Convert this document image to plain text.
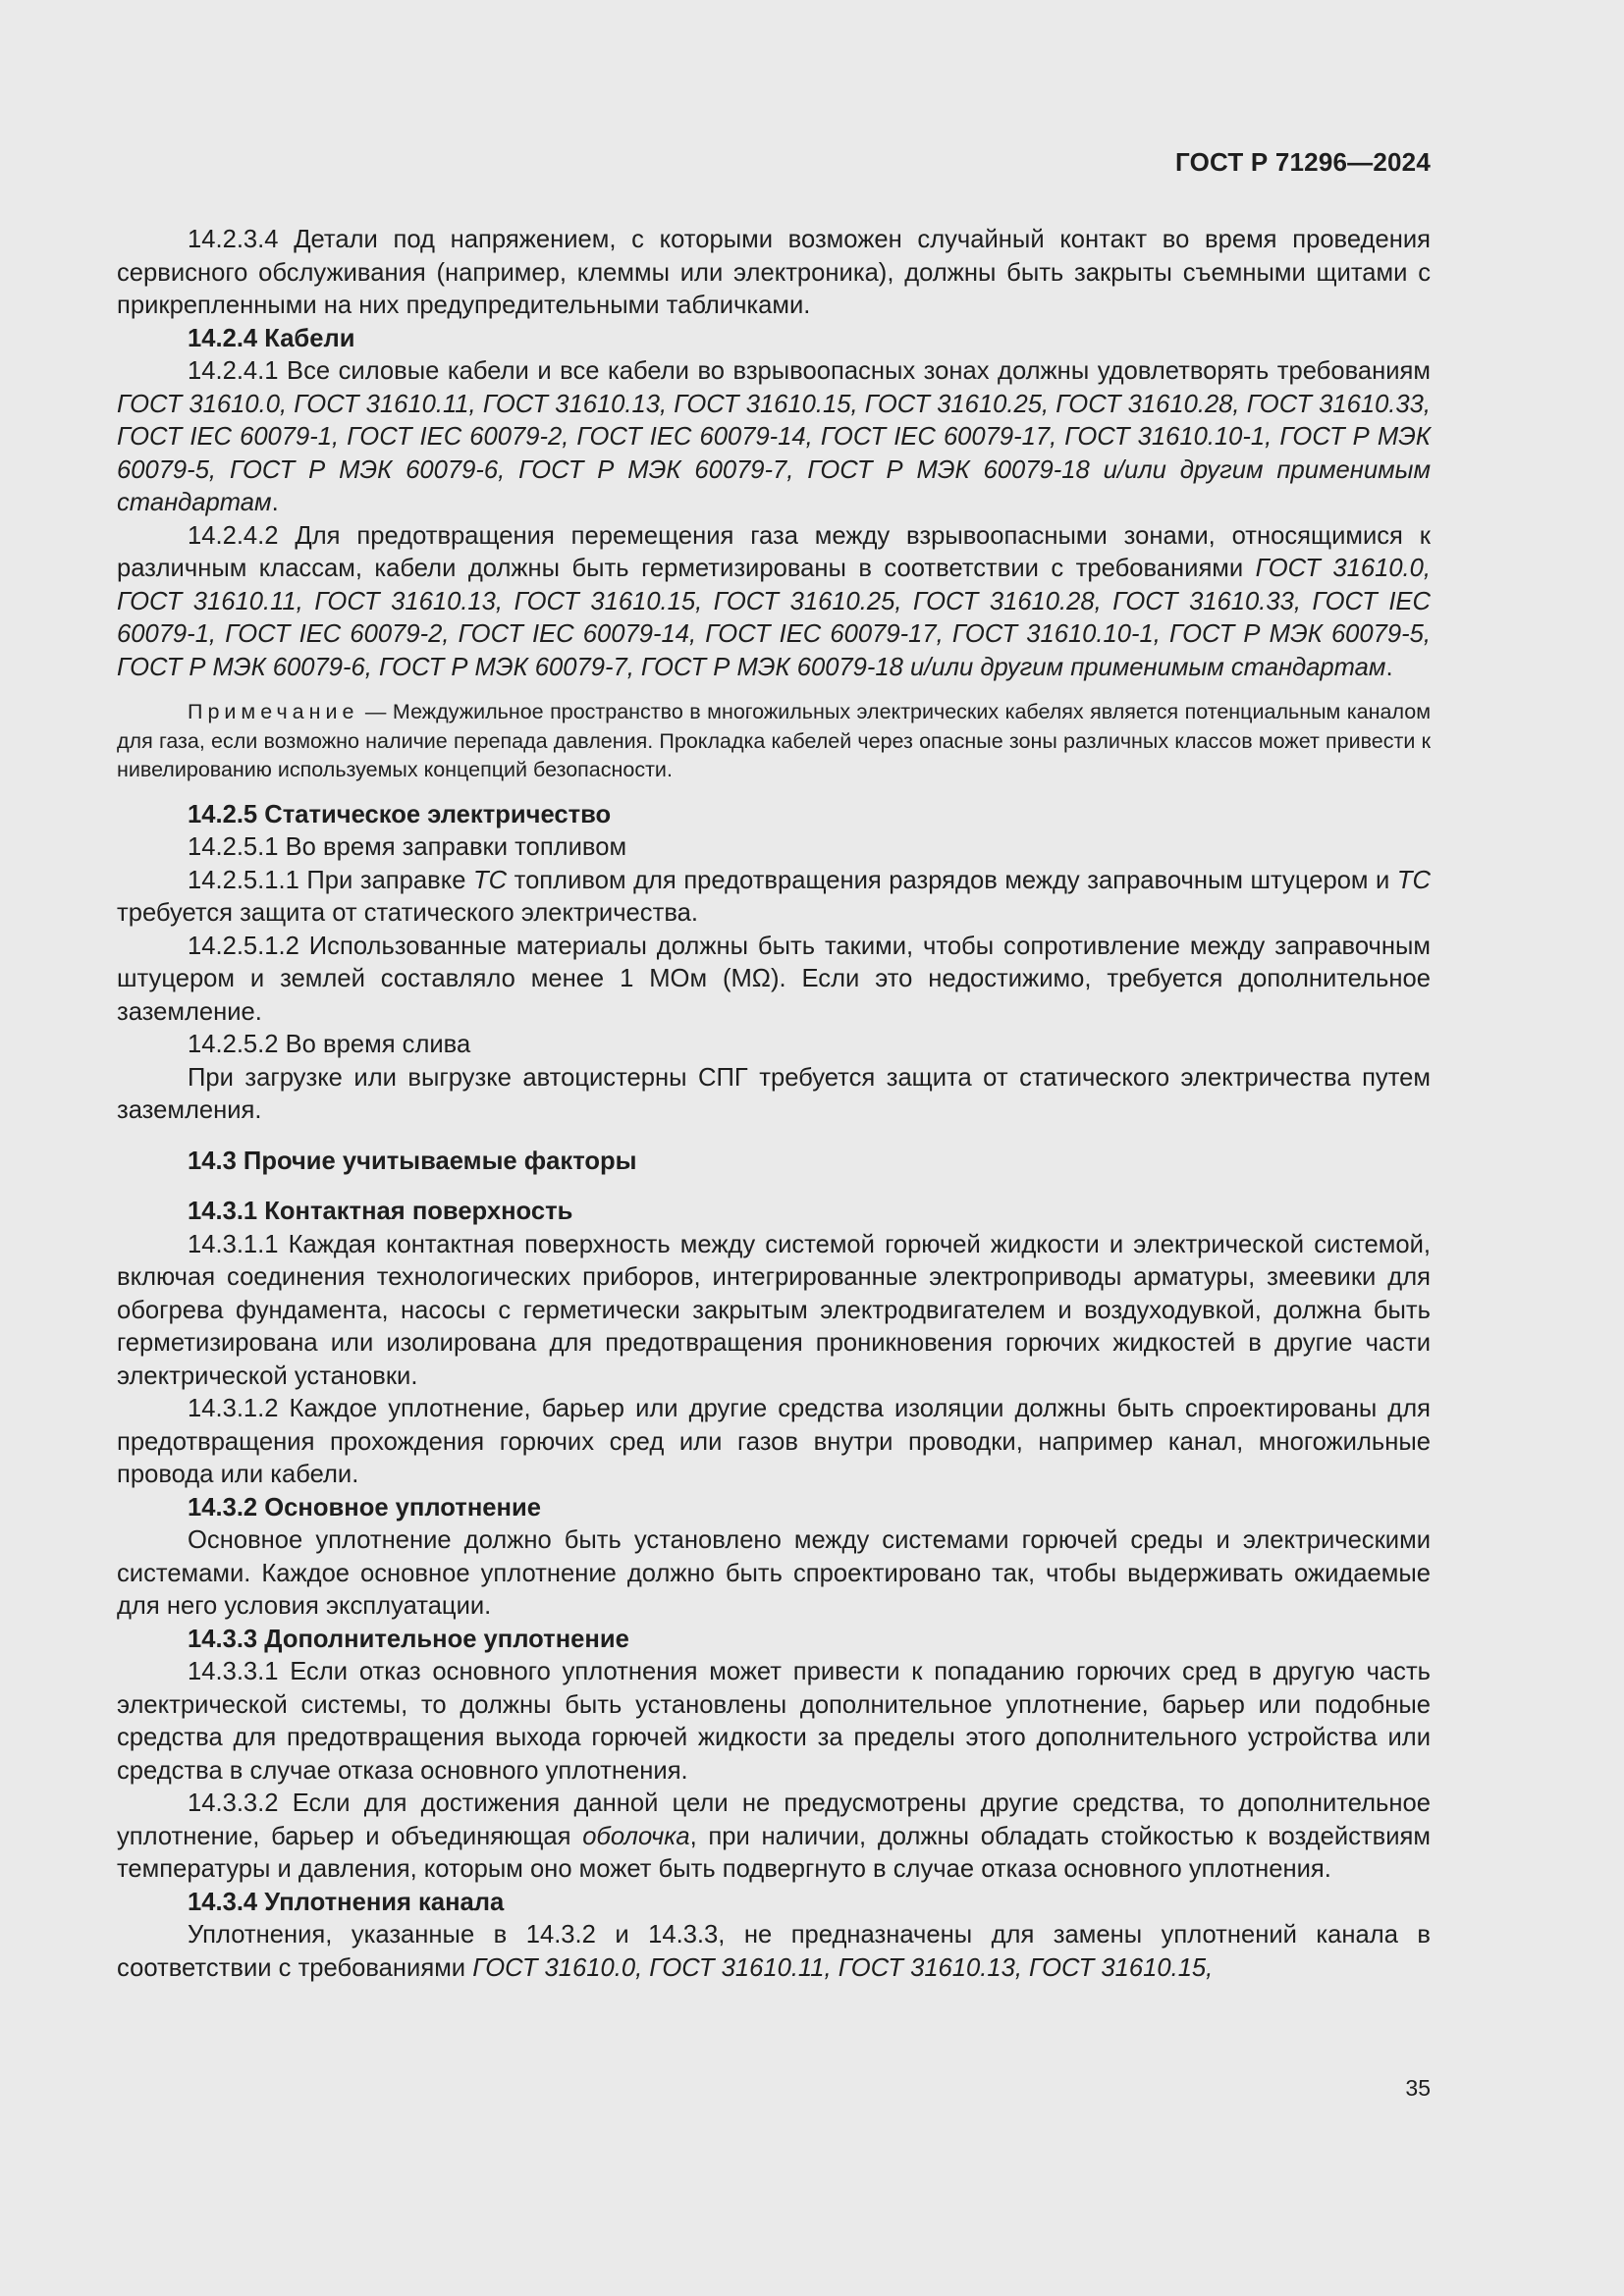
ГОСТ Р 71296—2024

14.2.3.4 Детали под напряжением, с которыми возможен случайный контакт во время проведения сервисного обслуживания (например, клеммы или электроника), должны быть закрыты съемными щитами с прикрепленными на них предупредительными табличками.

14.2.4 Кабели

14.2.4.1 Все силовые кабели и все кабели во взрывоопасных зонах должны удовлетворять требованиям ГОСТ 31610.0, ГОСТ 31610.11, ГОСТ 31610.13, ГОСТ 31610.15, ГОСТ 31610.25, ГОСТ 31610.28, ГОСТ 31610.33, ГОСТ IEC 60079-1, ГОСТ IEC 60079-2, ГОСТ IEC 60079-14, ГОСТ IEC 60079-17, ГОСТ 31610.10-1, ГОСТ Р МЭК 60079-5, ГОСТ Р МЭК 60079-6, ГОСТ Р МЭК 60079-7, ГОСТ Р МЭК 60079-18 и/или другим применимым стандартам.

14.2.4.2 Для предотвращения перемещения газа между взрывоопасными зонами, относящимися к различным классам, кабели должны быть герметизированы в соответствии с требованиями ГОСТ 31610.0, ГОСТ 31610.11, ГОСТ 31610.13, ГОСТ 31610.15, ГОСТ 31610.25, ГОСТ 31610.28, ГОСТ 31610.33, ГОСТ IEC 60079-1, ГОСТ IEC 60079-2, ГОСТ IEC 60079-14, ГОСТ IEC 60079-17, ГОСТ 31610.10-1, ГОСТ Р МЭК 60079-5, ГОСТ Р МЭК 60079-6, ГОСТ Р МЭК 60079-7, ГОСТ Р МЭК 60079-18 и/или другим применимым стандартам.

Примечание — Междужильное пространство в многожильных электрических кабелях является потенциальным каналом для газа, если возможно наличие перепада давления. Прокладка кабелей через опасные зоны различных классов может привести к нивелированию используемых концепций безопасности.

14.2.5 Статическое электричество

14.2.5.1 Во время заправки топливом

14.2.5.1.1 При заправке ТС топливом для предотвращения разрядов между заправочным штуцером и ТС требуется защита от статического электричества.

14.2.5.1.2 Использованные материалы должны быть такими, чтобы сопротивление между заправочным штуцером и землей составляло менее 1 МОм (MΩ). Если это недостижимо, требуется дополнительное заземление.

14.2.5.2 Во время слива

При загрузке или выгрузке автоцистерны СПГ требуется защита от статического электричества путем заземления.

14.3 Прочие учитываемые факторы

14.3.1 Контактная поверхность

14.3.1.1 Каждая контактная поверхность между системой горючей жидкости и электрической системой, включая соединения технологических приборов, интегрированные электроприводы арматуры, змеевики для обогрева фундамента, насосы с герметически закрытым электродвигателем и воздуходувкой, должна быть герметизирована или изолирована для предотвращения проникновения горючих жидкостей в другие части электрической установки.

14.3.1.2 Каждое уплотнение, барьер или другие средства изоляции должны быть спроектированы для предотвращения прохождения горючих сред или газов внутри проводки, например канал, многожильные провода или кабели.

14.3.2 Основное уплотнение

Основное уплотнение должно быть установлено между системами горючей среды и электрическими системами. Каждое основное уплотнение должно быть спроектировано так, чтобы выдерживать ожидаемые для него условия эксплуатации.

14.3.3 Дополнительное уплотнение

14.3.3.1 Если отказ основного уплотнения может привести к попаданию горючих сред в другую часть электрической системы, то должны быть установлены дополнительное уплотнение, барьер или подобные средства для предотвращения выхода горючей жидкости за пределы этого дополнительного устройства или средства в случае отказа основного уплотнения.

14.3.3.2 Если для достижения данной цели не предусмотрены другие средства, то дополнительное уплотнение, барьер и объединяющая оболочка, при наличии, должны обладать стойкостью к воздействиям температуры и давления, которым оно может быть подвергнуто в случае отказа основного уплотнения.

14.3.4 Уплотнения канала

Уплотнения, указанные в 14.3.2 и 14.3.3, не предназначены для замены уплотнений канала в соответствии с требованиями ГОСТ 31610.0, ГОСТ 31610.11, ГОСТ 31610.13, ГОСТ 31610.15,

35
